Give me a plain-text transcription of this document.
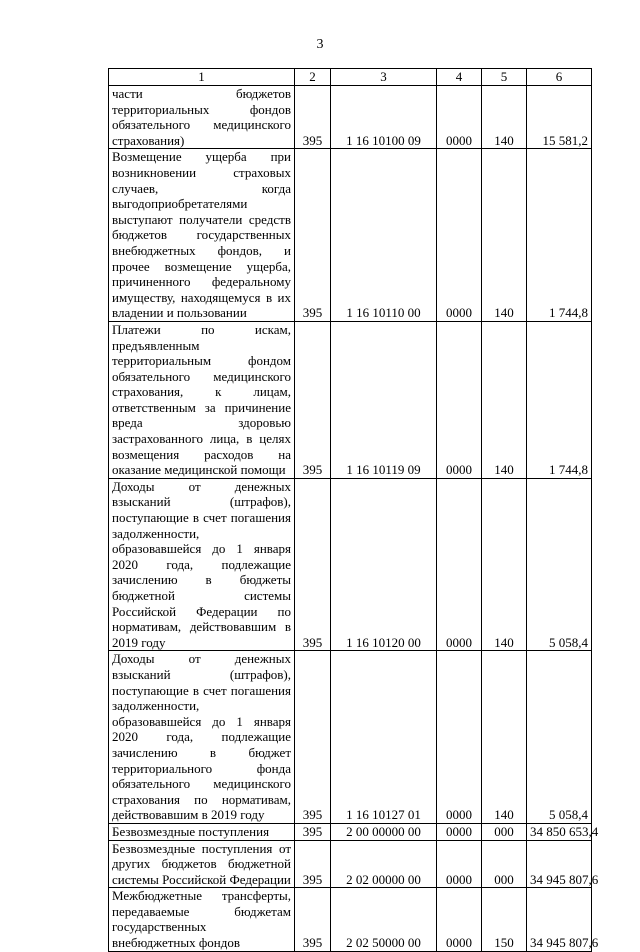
3
1	2	3	4	5	6
части бюджетов территориальных фондов обязательного медицинского страхования)	395	1 16 10100 09	0000	140	15 581,2
Возмещение ущерба при возникновении страховых случаев, когда выгодоприобретателями выступают получатели средств бюджетов государственных внебюджетных фондов, и прочее возмещение ущерба, причиненного федеральному имуществу, находящемуся в их владении и пользовании	395	1 16 10110 00	0000	140	1 744,8
Платежи по искам, предъявленным территориальным фондом обязательного медицинского страхования, к лицам, ответственным за причинение вреда здоровью застрахованного лица, в целях возмещения расходов на оказание медицинской помощи	395	1 16 10119 09	0000	140	1 744,8
Доходы от денежных взысканий (штрафов), поступающие в счет погашения задолженности, образовавшейся до 1 января 2020 года, подлежащие зачислению в бюджеты бюджетной системы Российской Федерации по нормативам, действовавшим в 2019 году	395	1 16 10120 00	0000	140	5 058,4
Доходы от денежных взысканий (штрафов), поступающие в счет погашения задолженности, образовавшейся до 1 января 2020 года, подлежащие зачислению в бюджет территориального фонда обязательного медицинского страхования по нормативам, действовавшим в 2019 году	395	1 16 10127 01	0000	140	5 058,4
Безвозмездные поступления	395	2 00 00000 00	0000	000	34 850 653,4
Безвозмездные поступления от других бюджетов бюджетной системы Российской Федерации	395	2 02 00000 00	0000	000	34 945 807,6
Межбюджетные трансферты, передаваемые бюджетам государственных внебюджетных фондов	395	2 02 50000 00	0000	150	34 945 807,6
